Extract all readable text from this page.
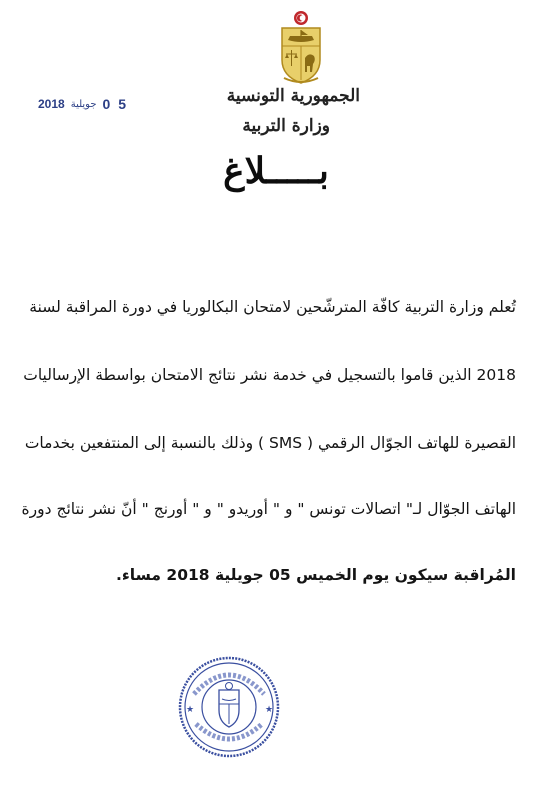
الجمهورية التونسية
وزارة التربية
2018 جويلية 0 5
بـــــلاغ
تُعلم وزارة التربية كافّة المترشّحين لامتحان البكالوريا في دورة المراقبة لسنة
2018 الذين قاموا بالتسجيل في خدمة نشر نتائج الامتحان بواسطة الإرساليات
القصيرة للهاتف الجوّال الرقمي ( SMS ) وذلك بالنسبة إلى المنتفعين بخدمات
الهاتف الجوّال لـ" اتصالات تونس " و " أوريدو " و " أورنج " أنّ نشر نتائج دورة
المُراقبة سيكون يوم الخميس 05 جويلية 2018 مساء.
★	★
